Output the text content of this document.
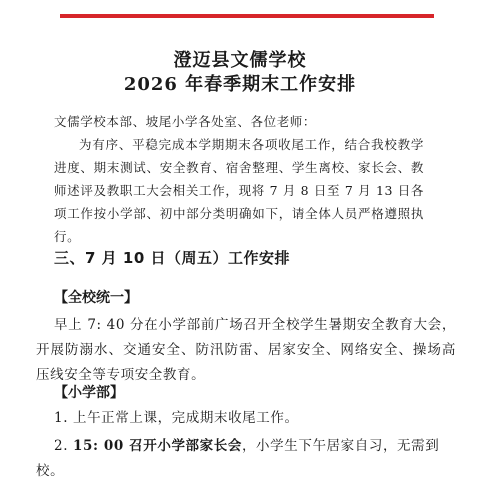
澄迈县文儒学校
2026 年春季期末工作安排
文儒学校本部、坡尾小学各处室、各位老师：
为有序、平稳完成本学期期末各项收尾工作，结合我校教学进度、期末测试、安全教育、宿舍整理、学生离校、家长会、教师述评及教职工大会相关工作，现将 7 月 8 日至 7 月 13 日各项工作按小学部、初中部分类明确如下，请全体人员严格遵照执行。
三、7 月 10 日（周五）工作安排
【全校统一】
早上 7: 40 分在小学部前广场召开全校学生暑期安全教育大会，开展防溺水、交通安全、防汛防雷、居家安全、网络安全、操场高压线安全等专项安全教育。
【小学部】
1. 上午正常上课，完成期末收尾工作。
2. 15: 00 召开小学部家长会，小学生下午居家自习，无需到校。
